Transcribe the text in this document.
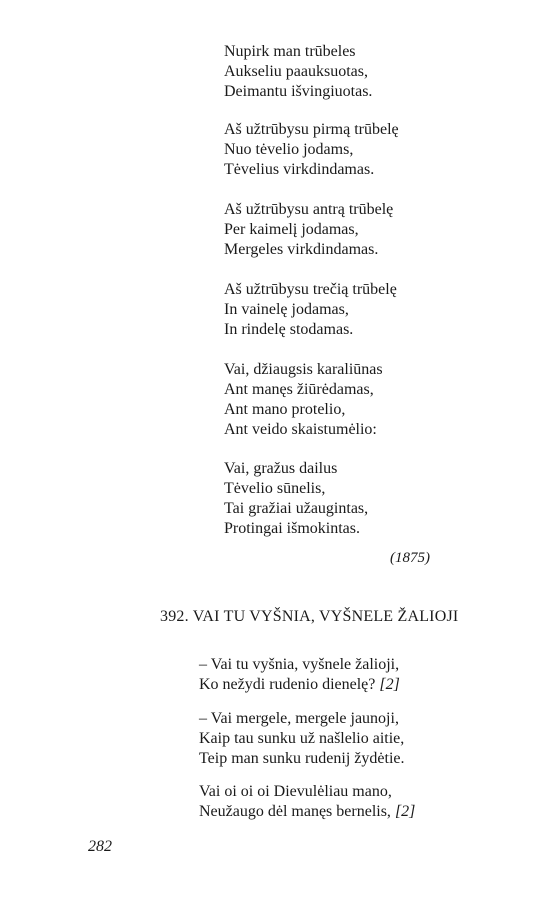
Nupirk man trūbeles
Aukseliu paauksuotas,
Deimantu išvingiuotas.
Aš užtrūbysu pirmą trūbelę
Nuo tėvelio jodams,
Tėvelius virkdindamas.
Aš užtrūbysu antrą trūbelę
Per kaimelį jodamas,
Mergeles virkdindamas.
Aš užtrūbysu trečią trūbelę
In vainelę jodamas,
In rindelę stodamas.
Vai, džiaugsis karaliūnas
Ant manęs žiūrėdamas,
Ant mano protelio,
Ant veido skaistumėlio:
Vai, gražus dailus
Tėvelio sūnelis,
Tai gražiai užaugintas,
Protingai išmokintas.
(1875)
392. VAI TU VYŠNIA, VYŠNELE ŽALIOJI
– Vai tu vyšnia, vyšnele žalioji,
Ko nežydi rudenio dienelę? [2]
– Vai mergele, mergele jaunoji,
Kaip tau sunku už našlelio aitie,
Teip man sunku rudenij žydėtie.
Vai oi oi oi Dievulėliau mano,
Neužaugo dėl manęs bernelis, [2]
282
